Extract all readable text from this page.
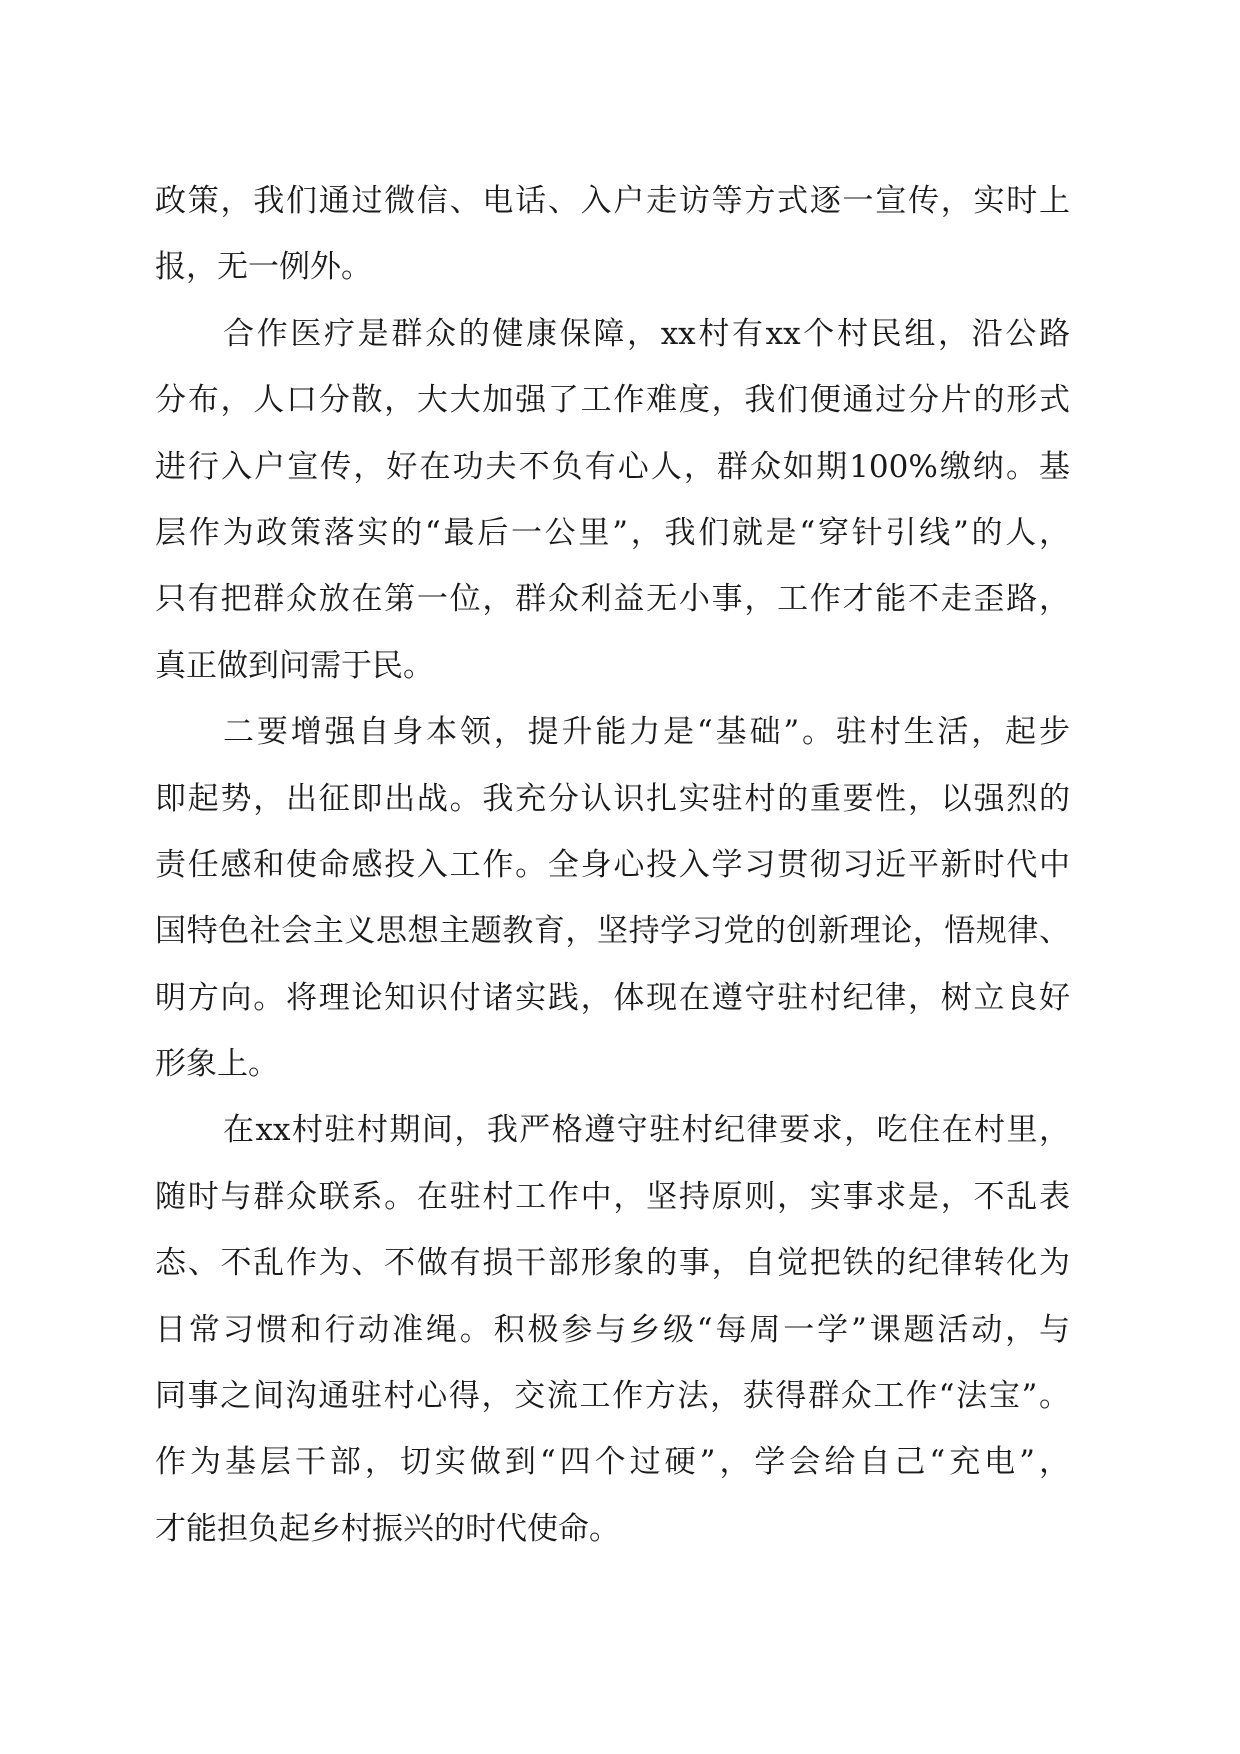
政策，我们通过微信、电话、入户走访等方式逐一宣传，实时上
报，无一例外。
合作医疗是群众的健康保障，xx村有xx个村民组，沿公路
分布，人口分散，大大加强了工作难度，我们便通过分片的形式
进行入户宣传，好在功夫不负有心人，群众如期100%缴纳。基
层作为政策落实的“最后一公里”，我们就是“穿针引线”的人，
只有把群众放在第一位，群众利益无小事，工作才能不走歪路，
真正做到问需于民。
二要增强自身本领，提升能力是“基础”。驻村生活，起步
即起势，出征即出战。我充分认识扎实驻村的重要性，以强烈的
责任感和使命感投入工作。全身心投入学习贯彻习近平新时代中
国特色社会主义思想主题教育，坚持学习党的创新理论，悟规律、
明方向。将理论知识付诸实践，体现在遵守驻村纪律，树立良好
形象上。
在xx村驻村期间，我严格遵守驻村纪律要求，吃住在村里，
随时与群众联系。在驻村工作中，坚持原则，实事求是，不乱表
态、不乱作为、不做有损干部形象的事，自觉把铁的纪律转化为
日常习惯和行动准绳。积极参与乡级“每周一学”课题活动，与
同事之间沟通驻村心得，交流工作方法，获得群众工作“法宝”。
作为基层干部，切实做到“四个过硬”，学会给自己“充电”，
才能担负起乡村振兴的时代使命。
